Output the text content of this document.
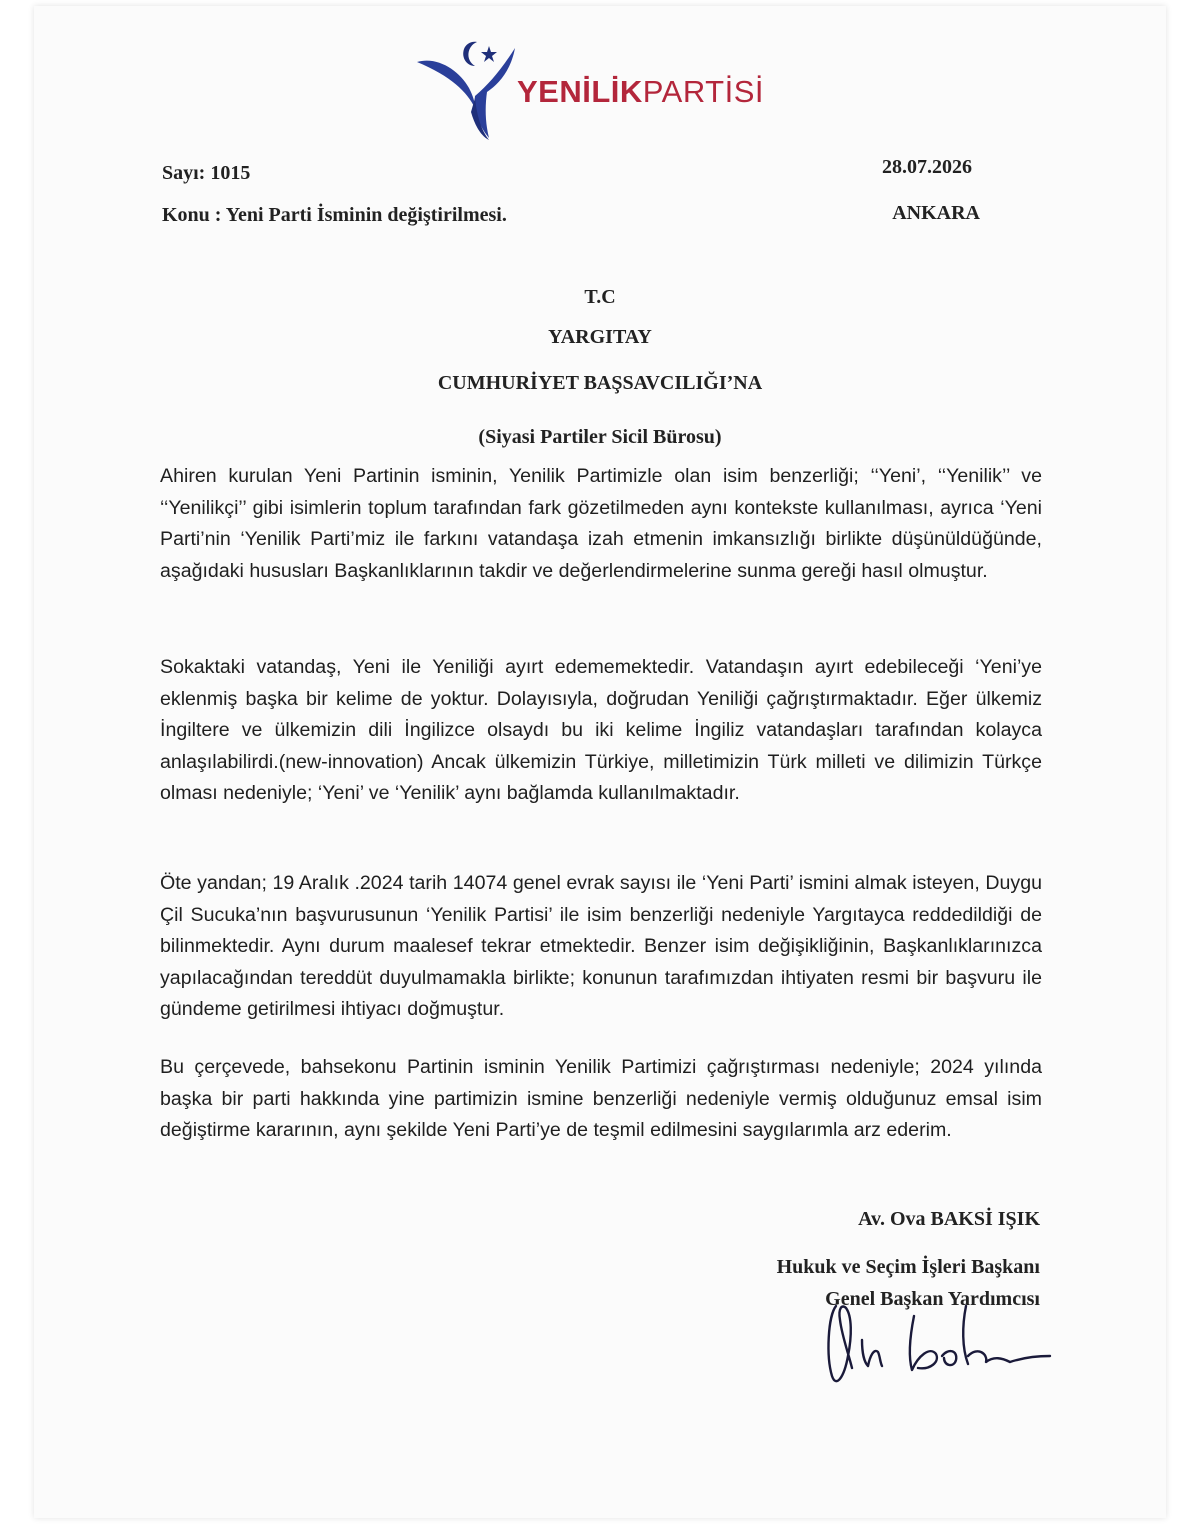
YENİLİKPARTİSİ
Sayı: 1015
Konu : Yeni Parti İsminin değiştirilmesi.
28.07.2026
ANKARA
T.C
YARGITAY
CUMHURİYET BAŞSAVCILIĞI’NA
(Siyasi Partiler Sicil Bürosu)
Ahiren kurulan Yeni Partinin isminin, Yenilik Partimizle olan isim benzerliği; ‘‘Yeni’, ‘‘Yenilik’’ ve ‘‘Yenilikçi’’ gibi isimlerin toplum tarafından fark gözetilmeden aynı kontekste kullanılması, ayrıca ‘Yeni Parti’nin ‘Yenilik Parti’miz ile farkını vatandaşa izah etmenin imkansızlığı birlikte düşünüldüğünde, aşağıdaki hususları Başkanlıklarının takdir ve değerlendirmelerine sunma gereği hasıl olmuştur.
Sokaktaki vatandaş, Yeni ile Yeniliği ayırt edememektedir. Vatandaşın ayırt edebileceği ‘Yeni’ye eklenmiş başka bir kelime de yoktur. Dolayısıyla, doğrudan Yeniliği çağrıştırmaktadır. Eğer ülkemiz İngiltere ve ülkemizin dili İngilizce olsaydı bu iki kelime İngiliz vatandaşları tarafından kolayca anlaşılabilirdi.(new-innovation) Ancak ülkemizin Türkiye, milletimizin Türk milleti ve dilimizin Türkçe olması nedeniyle; ‘Yeni’ ve ‘Yenilik’ aynı bağlamda kullanılmaktadır.
Öte yandan; 19 Aralık .2024 tarih 14074 genel evrak sayısı ile ‘Yeni Parti’ ismini almak isteyen, Duygu Çil Sucuka’nın başvurusunun ‘Yenilik Partisi’ ile isim benzerliği nedeniyle Yargıtayca reddedildiği de bilinmektedir. Aynı durum maalesef tekrar etmektedir. Benzer isim değişikliğinin, Başkanlıklarınızca yapılacağından tereddüt duyulmamakla birlikte; konunun tarafımızdan ihtiyaten resmi bir başvuru ile gündeme getirilmesi ihtiyacı doğmuştur.
Bu çerçevede, bahsekonu Partinin isminin Yenilik Partimizi çağrıştırması nedeniyle; 2024 yılında başka bir parti hakkında yine partimizin ismine benzerliği nedeniyle vermiş olduğunuz emsal isim değiştirme kararının, aynı şekilde Yeni Parti’ye de teşmil edilmesini saygılarımla arz ederim.
Av. Ova BAKSİ IŞIK
Hukuk ve Seçim İşleri Başkanı
Genel Başkan Yardımcısı
